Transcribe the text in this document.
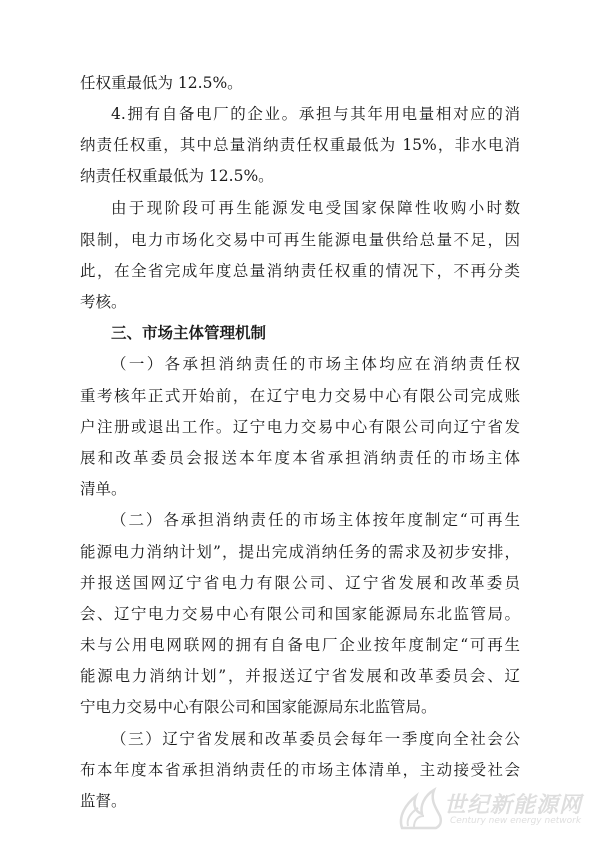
任权重最低为 12.5%。
4.拥有自备电厂的企业。承担与其年用电量相对应的消
纳责任权重，其中总量消纳责任权重最低为 15%，非水电消
纳责任权重最低为 12.5%。
由于现阶段可再生能源发电受国家保障性收购小时数
限制，电力市场化交易中可再生能源电量供给总量不足，因
此，在全省完成年度总量消纳责任权重的情况下，不再分类
考核。
三、市场主体管理机制
（一）各承担消纳责任的市场主体均应在消纳责任权
重考核年正式开始前，在辽宁电力交易中心有限公司完成账
户注册或退出工作。辽宁电力交易中心有限公司向辽宁省发
展和改革委员会报送本年度本省承担消纳责任的市场主体
清单。
（二）各承担消纳责任的市场主体按年度制定“可再生
能源电力消纳计划”，提出完成消纳任务的需求及初步安排，
并报送国网辽宁省电力有限公司、辽宁省发展和改革委员
会、辽宁电力交易中心有限公司和国家能源局东北监管局。
未与公用电网联网的拥有自备电厂企业按年度制定“可再生
能源电力消纳计划”，并报送辽宁省发展和改革委员会、辽
宁电力交易中心有限公司和国家能源局东北监管局。
（三）辽宁省发展和改革委员会每年一季度向全社会公
布本年度本省承担消纳责任的市场主体清单，主动接受社会
监督。	世纪新能源网
Century new energy network
